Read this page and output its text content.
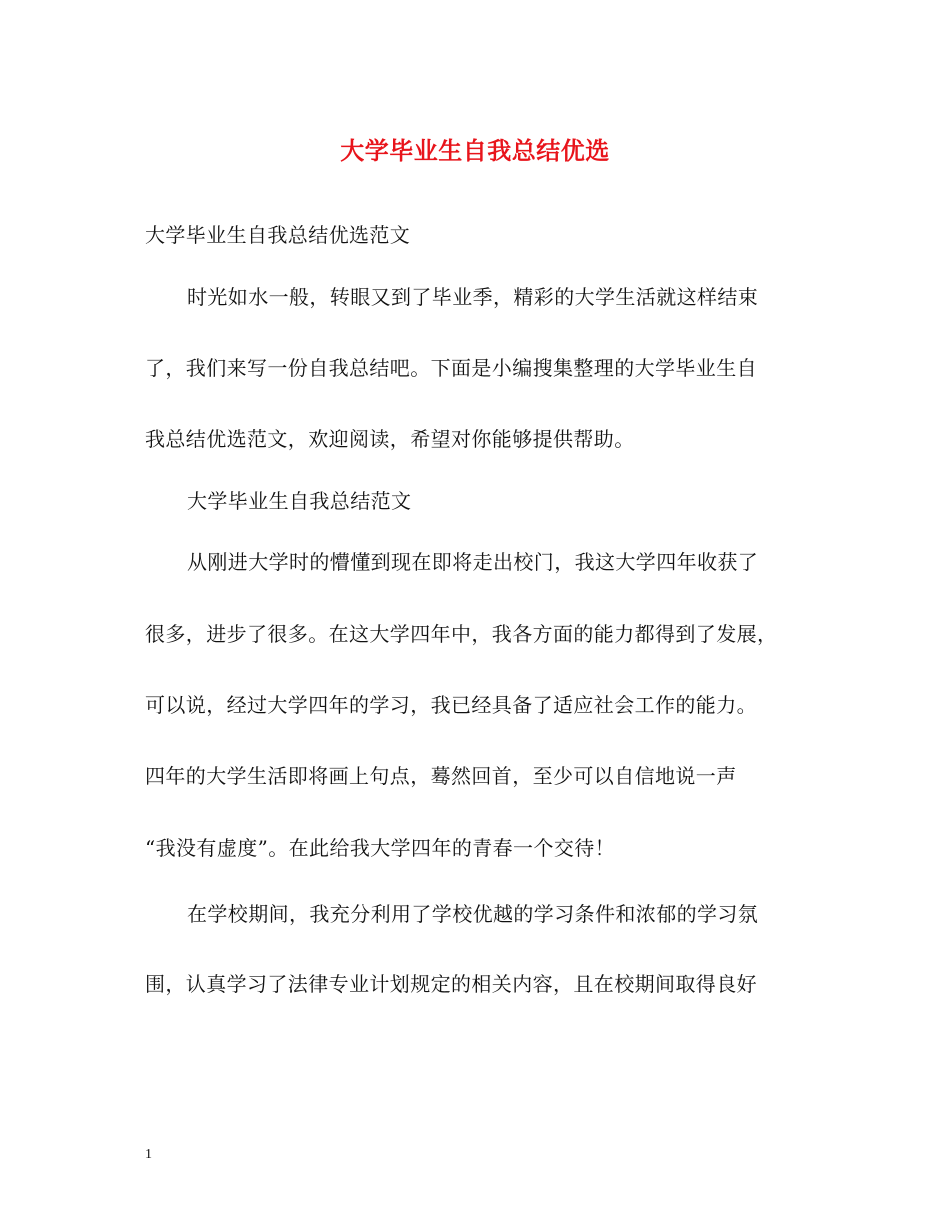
大学毕业生自我总结优选
大学毕业生自我总结优选范文
时光如水一般，转眼又到了毕业季，精彩的大学生活就这样结束
了，我们来写一份自我总结吧。下面是小编搜集整理的大学毕业生自
我总结优选范文，欢迎阅读，希望对你能够提供帮助。
大学毕业生自我总结范文
从刚进大学时的懵懂到现在即将走出校门，我这大学四年收获了
很多，进步了很多。在这大学四年中，我各方面的能力都得到了发展，
可以说，经过大学四年的学习，我已经具备了适应社会工作的能力。
四年的大学生活即将画上句点，蓦然回首，至少可以自信地说一声
“我没有虚度”。在此给我大学四年的青春一个交待！
在学校期间，我充分利用了学校优越的学习条件和浓郁的学习氛
围，认真学习了法律专业计划规定的相关内容，且在校期间取得良好
1
